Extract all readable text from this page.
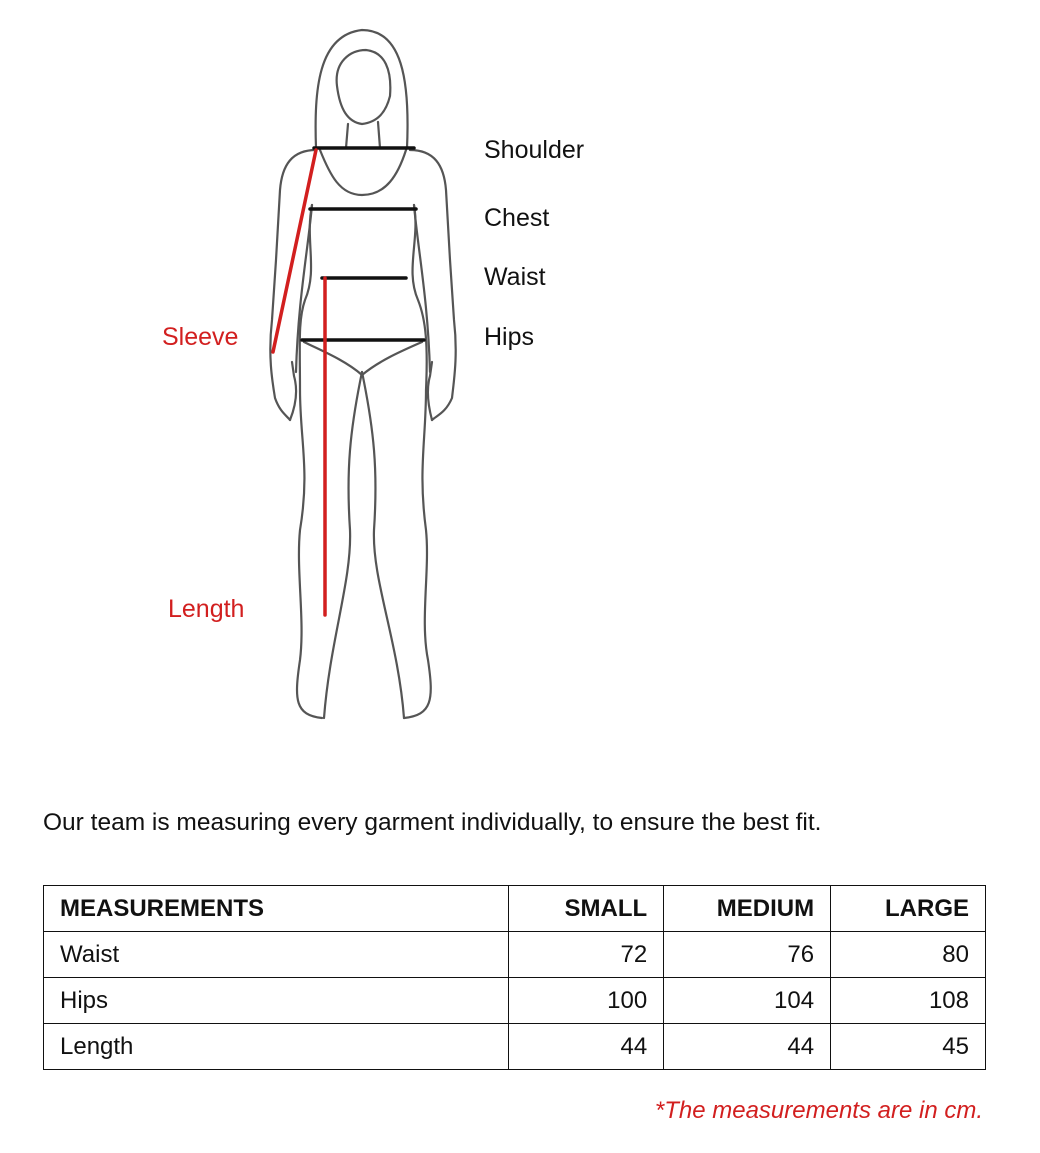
Shoulder
Chest
Waist
Hips
Sleeve
Length
Our team is measuring every garment individually, to ensure the best fit.
MEASUREMENTS	SMALL	MEDIUM	LARGE
Waist	72	76	80
Hips	100	104	108
Length	44	44	45
*The measurements are in cm.
